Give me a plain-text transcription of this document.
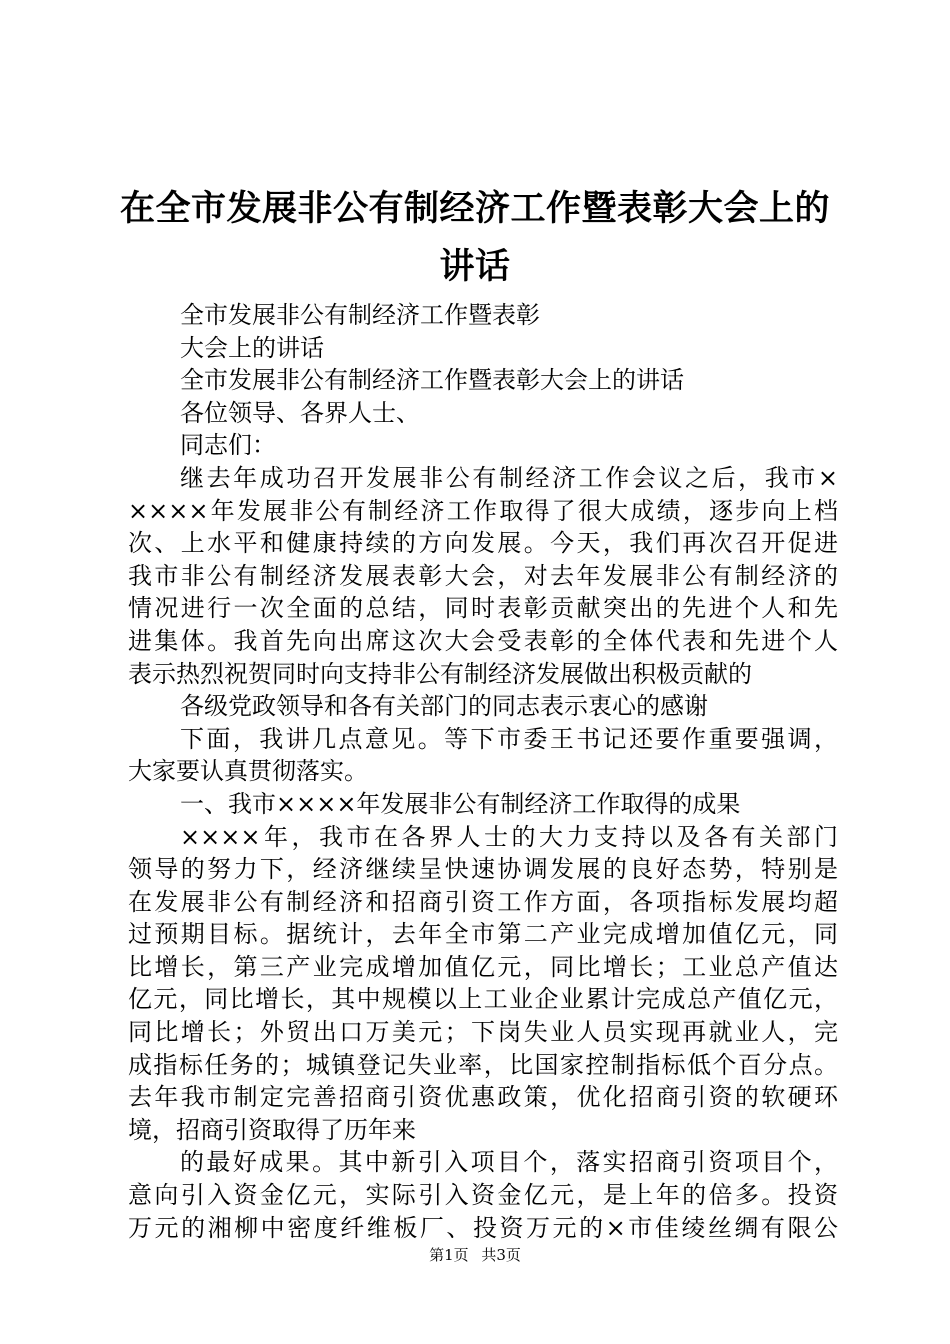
在全市发展非公有制经济工作暨表彰大会上的
讲话
全市发展非公有制经济工作暨表彰
大会上的讲话
全市发展非公有制经济工作暨表彰大会上的讲话
各位领导、各界人士、
同志们：
继去年成功召开发展非公有制经济工作会议之后，我市×
××××年发展非公有制经济工作取得了很大成绩，逐步向上档
次、上水平和健康持续的方向发展。今天，我们再次召开促进
我市非公有制经济发展表彰大会，对去年发展非公有制经济的
情况进行一次全面的总结，同时表彰贡献突出的先进个人和先
进集体。我首先向出席这次大会受表彰的全体代表和先进个人
表示热烈祝贺同时向支持非公有制经济发展做出积极贡献的
各级党政领导和各有关部门的同志表示衷心的感谢
下面，我讲几点意见。等下市委王书记还要作重要强调，
大家要认真贯彻落实。
一、我市××××年发展非公有制经济工作取得的成果
××××年，我市在各界人士的大力支持以及各有关部门
领导的努力下，经济继续呈快速协调发展的良好态势，特别是
在发展非公有制经济和招商引资工作方面，各项指标发展均超
过预期目标。据统计，去年全市第二产业完成增加值亿元，同
比增长，第三产业完成增加值亿元，同比增长；工业总产值达
亿元，同比增长，其中规模以上工业企业累计完成总产值亿元，
同比增长；外贸出口万美元；下岗失业人员实现再就业人，完
成指标任务的；城镇登记失业率，比国家控制指标低个百分点。
去年我市制定完善招商引资优惠政策，优化招商引资的软硬环
境，招商引资取得了历年来
的最好成果。其中新引入项目个，落实招商引资项目个，
意向引入资金亿元，实际引入资金亿元，是上年的倍多。投资
万元的湘柳中密度纤维板厂、投资万元的×市佳绫丝绸有限公
第1页 共3页
